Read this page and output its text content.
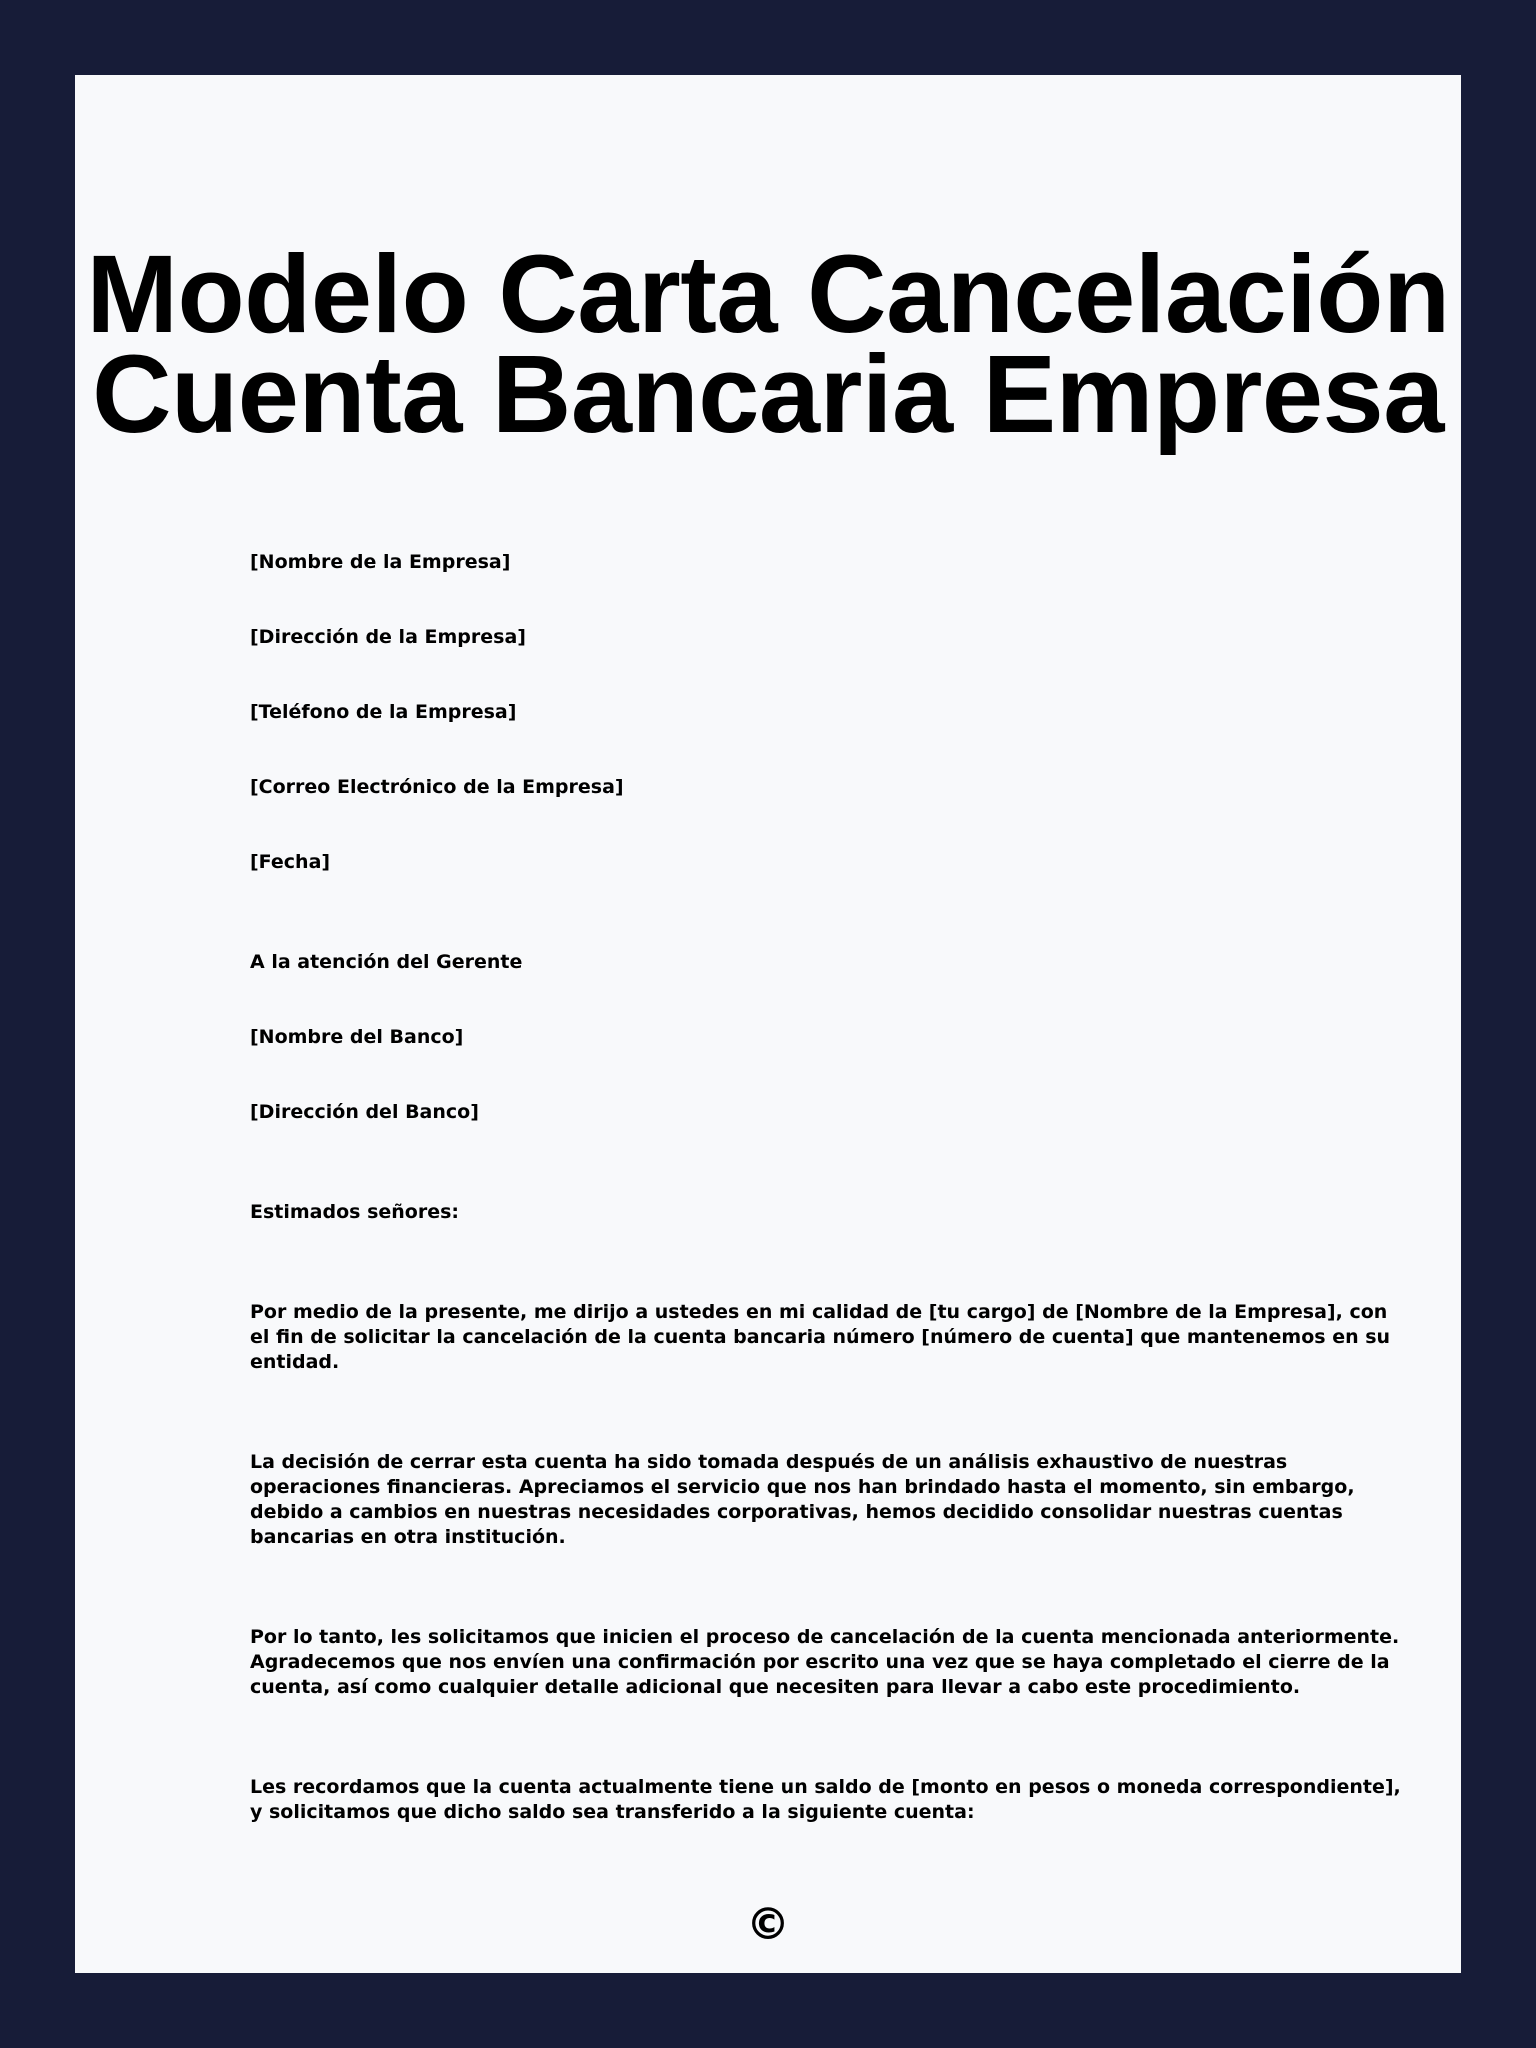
Modelo Carta Cancelación
Cuenta Bancaria Empresa

[Nombre de la Empresa]

[Dirección de la Empresa]

[Teléfono de la Empresa]

[Correo Electrónico de la Empresa]

[Fecha]

A la atención del Gerente

[Nombre del Banco]

[Dirección del Banco]

Estimados señores:

Por medio de la presente, me dirijo a ustedes en mi calidad de [tu cargo] de [Nombre de la Empresa], con
el fin de solicitar la cancelación de la cuenta bancaria número [número de cuenta] que mantenemos en su
entidad.
La decisión de cerrar esta cuenta ha sido tomada después de un análisis exhaustivo de nuestras
operaciones financieras. Apreciamos el servicio que nos han brindado hasta el momento, sin embargo,
debido a cambios en nuestras necesidades corporativas, hemos decidido consolidar nuestras cuentas
bancarias en otra institución.
Por lo tanto, les solicitamos que inicien el proceso de cancelación de la cuenta mencionada anteriormente.
Agradecemos que nos envíen una confirmación por escrito una vez que se haya completado el cierre de la
cuenta, así como cualquier detalle adicional que necesiten para llevar a cabo este procedimiento.
Les recordamos que la cuenta actualmente tiene un saldo de [monto en pesos o moneda correspondiente],
y solicitamos que dicho saldo sea transferido a la siguiente cuenta:
©
